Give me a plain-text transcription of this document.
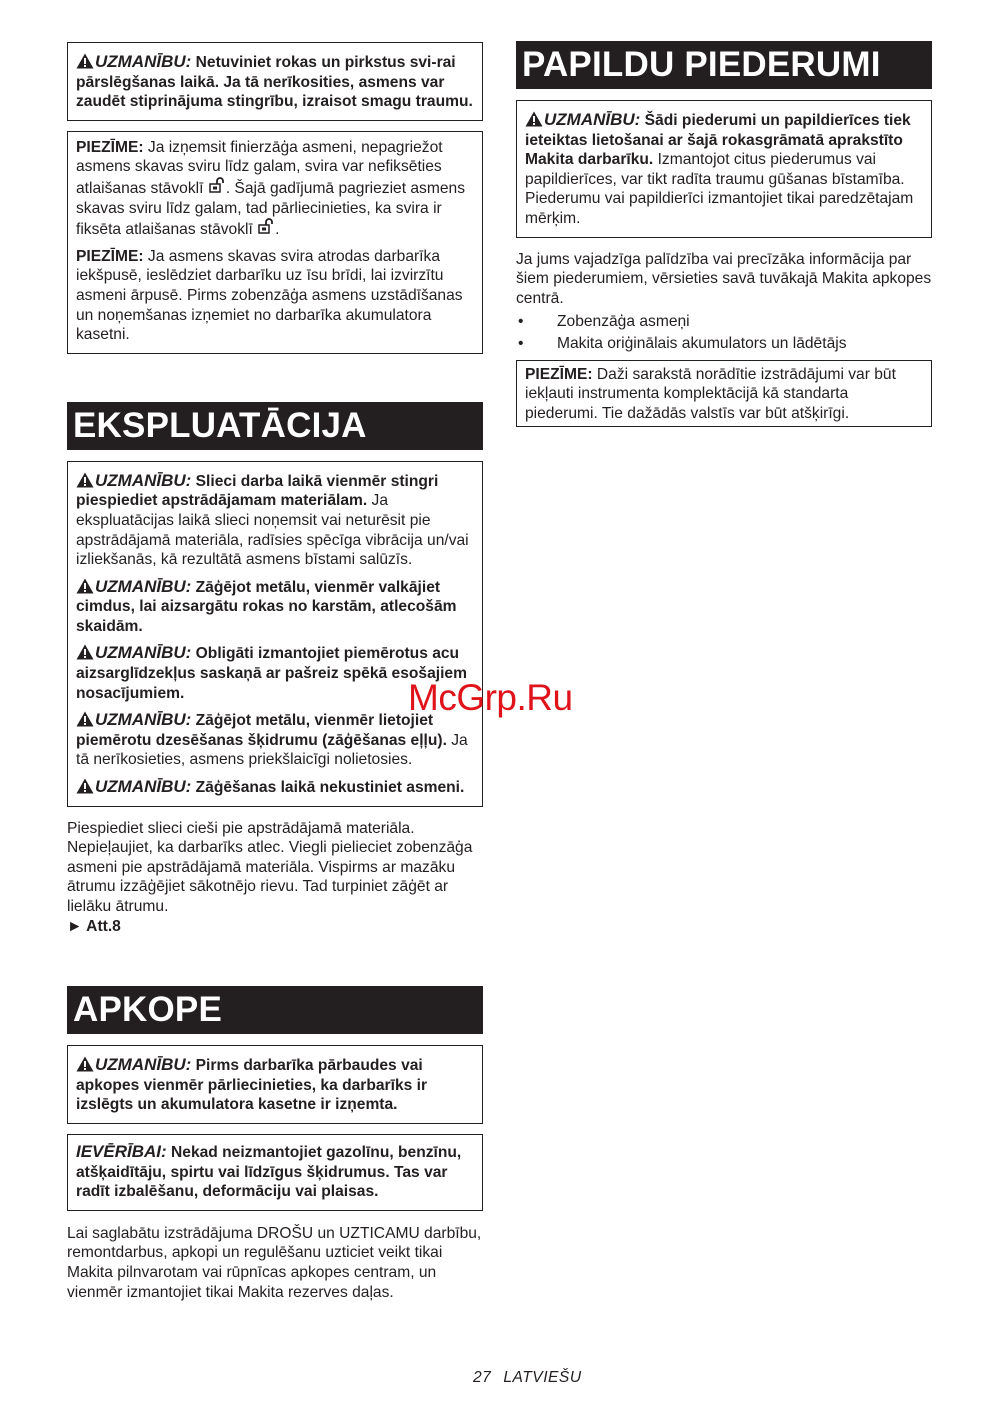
UZMANĪBU: Netuviniet rokas un pirkstus svi-rai pārslēgšanas laikā. Ja tā nerīkosities, asmens var zaudēt stiprinājuma stingrību, izraisot smagu traumu.

PIEZĪME: Ja izņemsit finierzāģa asmeni, nepagriežot asmens skavas sviru līdz galam, svira var nefiksēties atlaišanas stāvoklī . Šajā gadījumā pagrieziet asmens skavas sviru līdz galam, tad pārliecinieties, ka svira ir fiksēta atlaišanas stāvoklī .

PIEZĪME: Ja asmens skavas svira atrodas darbarīka iekšpusē, ieslēdziet darbarīku uz īsu brīdi, lai izvirzītu asmeni ārpusē. Pirms zobenzāģa asmens uzstādīšanas un noņemšanas izņemiet no darbarīka akumulatora kasetni.

EKSPLUATĀCIJA

UZMANĪBU: Slieci darba laikā vienmēr stingri piespiediet apstrādājamam materiālam. Ja ekspluatācijas laikā slieci noņemsit vai neturēsit pie apstrādājamā materiāla, radīsies spēcīga vibrācija un/vai izliekšanās, kā rezultātā asmens bīstami salūzīs.

UZMANĪBU: Zāģējot metālu, vienmēr valkājiet cimdus, lai aizsargātu rokas no karstām, atlecošām skaidām.

UZMANĪBU: Obligāti izmantojiet piemērotus acu aizsarglīdzekļus saskaņā ar pašreiz spēkā esošajiem nosacījumiem.

UZMANĪBU: Zāģējot metālu, vienmēr lietojiet piemērotu dzesēšanas šķidrumu (zāģēšanas eļļu). Ja tā nerīkosieties, asmens priekšlaicīgi nolietosies.

UZMANĪBU: Zāģēšanas laikā nekustiniet asmeni.

Piespiediet slieci cieši pie apstrādājamā materiāla. Nepieļaujiet, ka darbarīks atlec. Viegli pielieciet zobenzāģa asmeni pie apstrādājamā materiāla. Vispirms ar mazāku ātrumu izzāģējiet sākotnējo rievu. Tad turpiniet zāģēt ar lielāku ātrumu.

► Att.8

APKOPE

UZMANĪBU: Pirms darbarīka pārbaudes vai apkopes vienmēr pārliecinieties, ka darbarīks ir izslēgts un akumulatora kasetne ir izņemta.

IEVĒRĪBAI: Nekad neizmantojiet gazolīnu, benzīnu, atšķaidītāju, spirtu vai līdzīgus šķidrumus. Tas var radīt izbalēšanu, deformāciju vai plaisas.

Lai saglabātu izstrādājuma DROŠU un UZTICAMU darbību, remontdarbus, apkopi un regulēšanu uzticiet veikt tikai Makita pilnvarotam vai rūpnīcas apkopes centram, un vienmēr izmantojiet tikai Makita rezerves daļas.

PAPILDU PIEDERUMI

UZMANĪBU: Šādi piederumi un papildierīces tiek ieteiktas lietošanai ar šajā rokasgrāmatā aprakstīto Makita darbarīku. Izmantojot citus piederumus vai papildierīces, var tikt radīta traumu gūšanas bīstamība. Piederumu vai papildierīci izmantojiet tikai paredzētajam mērķim.

Ja jums vajadzīga palīdzība vai precīzāka informācija par šiem piederumiem, vērsieties savā tuvākajā Makita apkopes centrā.

• Zobenzāģa asmeņi
• Makita oriģinālais akumulators un lādētājs

PIEZĪME: Daži sarakstā norādītie izstrādājumi var būt iekļauti instrumenta komplektācijā kā standarta piederumi. Tie dažādās valstīs var būt atšķirīgi.

McGrp.Ru
27 LATVIEŠU
